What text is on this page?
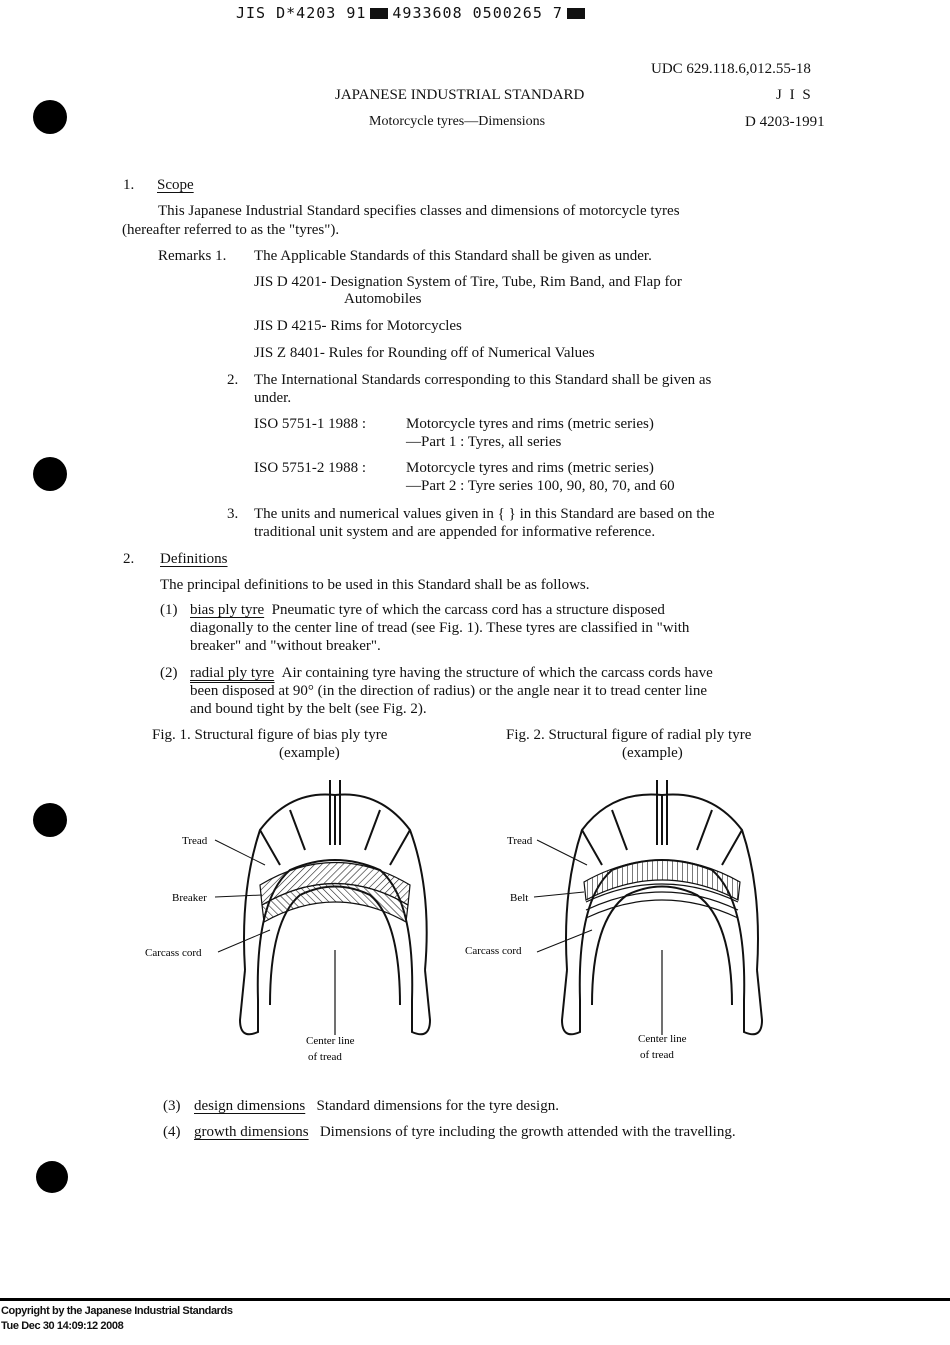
JIS D*4203 91 4933608 0500265 7
UDC 629.118.6,012.55-18
JAPANESE INDUSTRIAL STANDARD	J I S
Motorcycle tyres—Dimensions	D 4203-1991
1. Scope
This Japanese Industrial Standard specifies classes and dimensions of motorcycle tyres
(hereafter referred to as the "tyres").
Remarks 1. The Applicable Standards of this Standard shall be given as under.
JIS D 4201- Designation System of Tire, Tube, Rim Band, and Flap for
Automobiles
JIS D 4215- Rims for Motorcycles
JIS Z 8401- Rules for Rounding off of Numerical Values
2. The International Standards corresponding to this Standard shall be given as
under.
ISO 5751-1 1988 :	Motorcycle tyres and rims (metric series)
—Part 1 : Tyres, all series
ISO 5751-2 1988 :	Motorcycle tyres and rims (metric series)
—Part 2 : Tyre series 100, 90, 80, 70, and 60
3. The units and numerical values given in { } in this Standard are based on the
traditional unit system and are appended for informative reference.
2. Definitions
The principal definitions to be used in this Standard shall be as follows.
(1) bias ply tyre Pneumatic tyre of which the carcass cord has a structure disposed
diagonally to the center line of tread (see Fig. 1). These tyres are classified in "with
breaker" and "without breaker".
(2) radial ply tyre Air containing tyre having the structure of which the carcass cords have
been disposed at 90° (in the direction of radius) or the angle near it to tread center line
and bound tight by the belt (see Fig. 2).
Fig. 1. Structural figure of bias ply tyre
(example)
Fig. 2. Structural figure of radial ply tyre
(example)
Tread
Breaker
Carcass cord
Center line
of tread
Tread
Belt
Carcass cord
Center line
of tread
(3) design dimensions Standard dimensions for the tyre design.
(4) growth dimensions Dimensions of tyre including the growth attended with the travelling.
Copyright by the Japanese Industrial Standards
Tue Dec 30 14:09:12 2008
